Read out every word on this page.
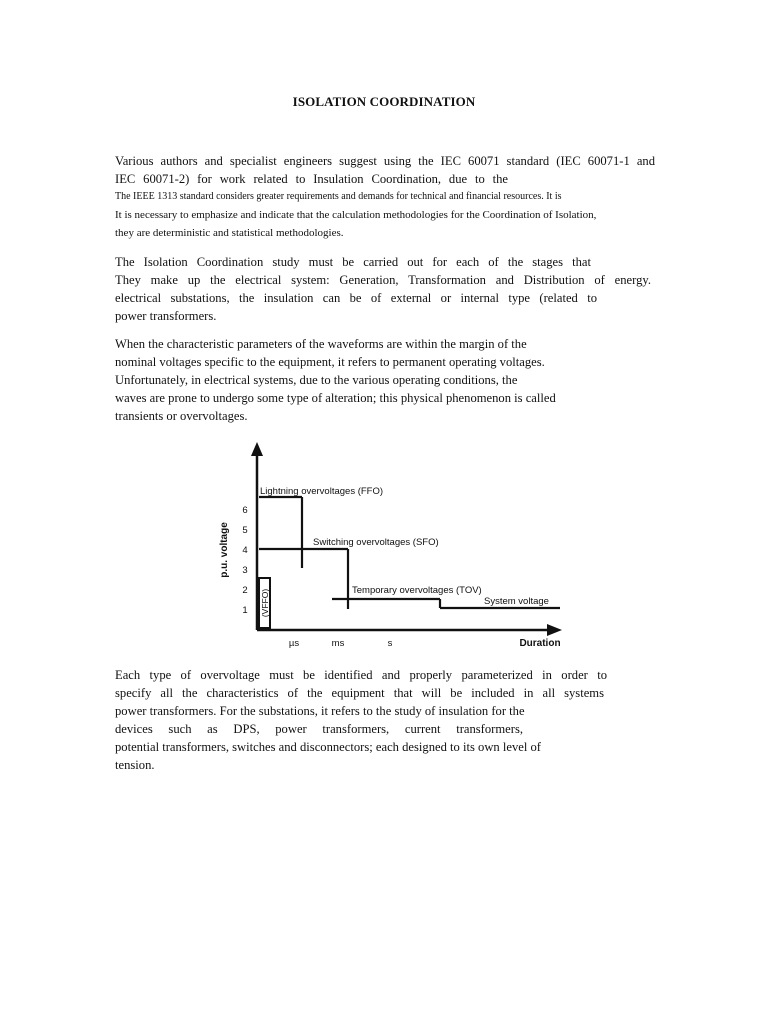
ISOLATION COORDINATION
Various authors and specialist engineers suggest using the IEC 60071 standard (IEC 60071-1 and
IEC 60071-2) for work related to Insulation Coordination, due to the
The IEEE 1313 standard considers greater requirements and demands for technical and financial resources. It is
It is necessary to emphasize and indicate that the calculation methodologies for the Coordination of Isolation,
they are deterministic and statistical methodologies.
The Isolation Coordination study must be carried out for each of the stages that
They make up the electrical system: Generation, Transformation and Distribution of energy.
electrical substations, the insulation can be of external or internal type (related to
power transformers.
When the characteristic parameters of the waveforms are within the margin of the
nominal voltages specific to the equipment, it refers to permanent operating voltages.
Unfortunately, in electrical systems, due to the various operating conditions, the
waves are prone to undergo some type of alteration; this physical phenomenon is called
transients or overvoltages.
p.u. voltage
1
2
3
4
5
6
µs	ms	s	Duration
(VFFO)
Lightning overvoltages (FFO)
Switching overvoltages (SFO)
Temporary overvoltages (TOV)
System voltage
Each type of overvoltage must be identified and properly parameterized in order to
specify all the characteristics of the equipment that will be included in all systems
power transformers. For the substations, it refers to the study of insulation for the
devices such as DPS, power transformers, current transformers,
potential transformers, switches and disconnectors; each designed to its own level of
tension.
